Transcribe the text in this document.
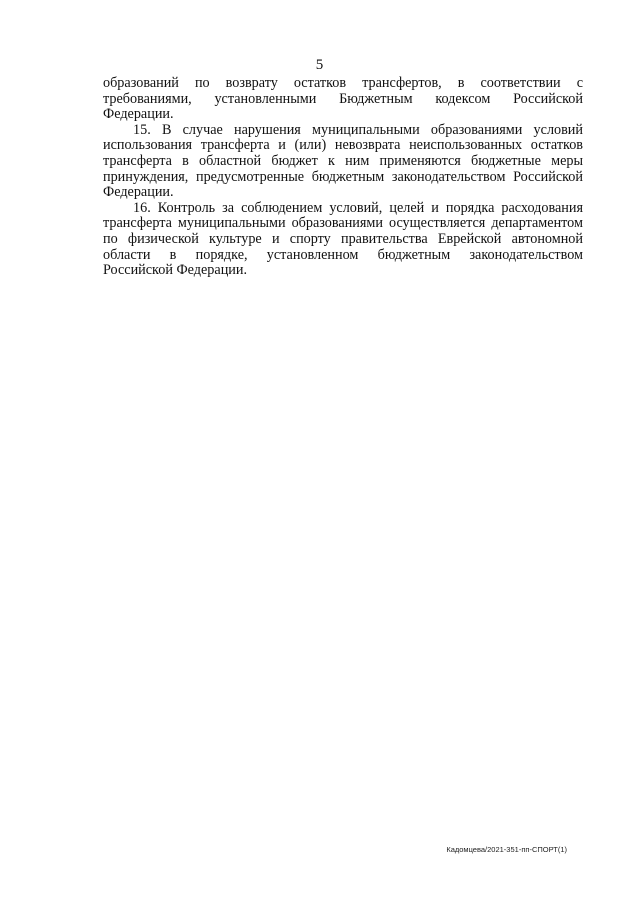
5

образований по возврату остатков трансфертов, в соответствии с
требованиями, установленными Бюджетным кодексом Российской
Федерации.

15. В случае нарушения муниципальными образованиями условий
использования трансферта и (или) невозврата неиспользованных остатков
трансферта в областной бюджет к ним применяются бюджетные меры
принуждения, предусмотренные бюджетным законодательством Российской
Федерации.

16. Контроль за соблюдением условий, целей и порядка расходования
трансферта муниципальными образованиями осуществляется департаментом
по физической культуре и спорту правительства Еврейской автономной
области в порядке, установленном бюджетным законодательством
Российской Федерации.

Кадомцева/2021-351-пп-СПОРТ(1)
